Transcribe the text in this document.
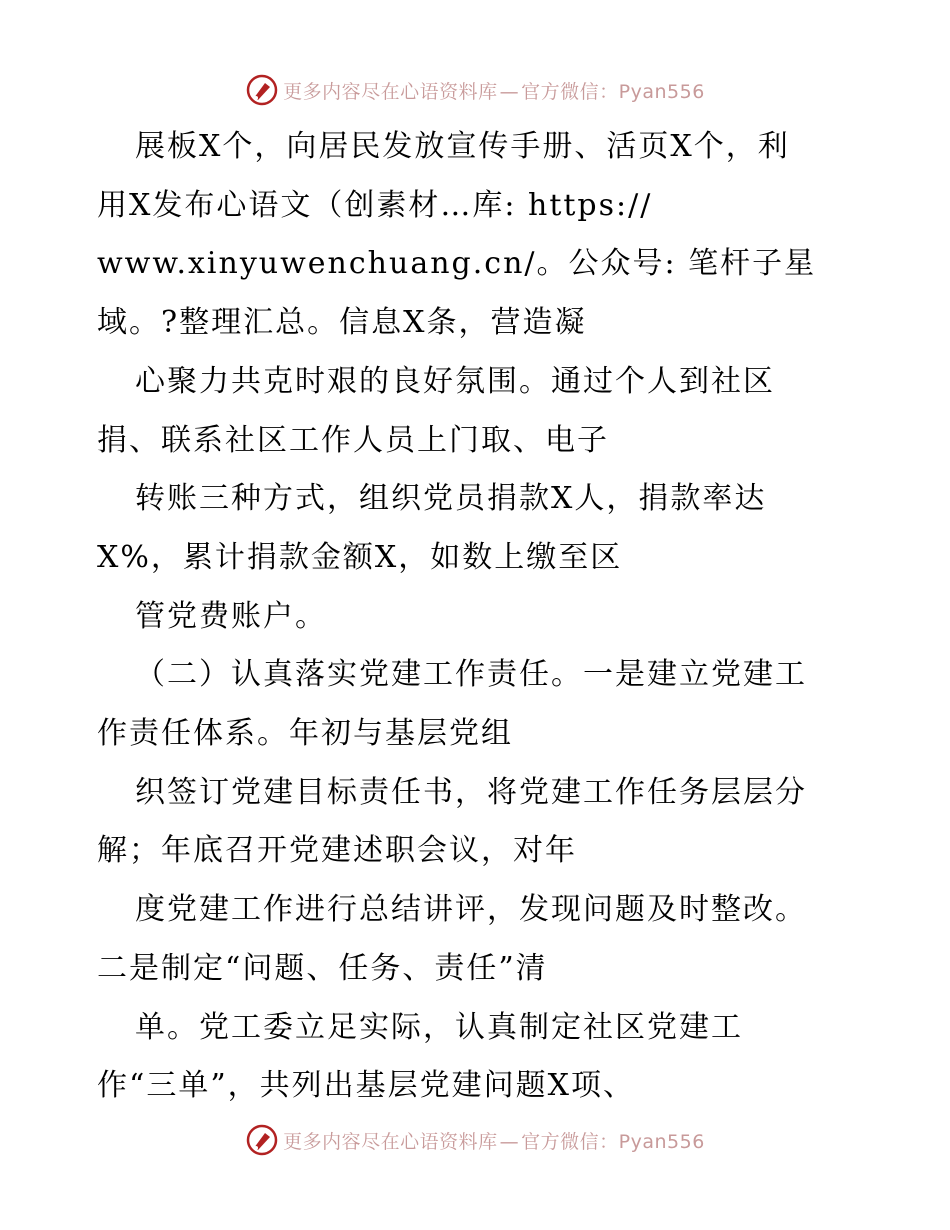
更多内容尽在心语资料库 — 官方微信：Pyan556
展板X个，向居民发放宣传手册、活页X个，利
用X发布心语文（创素材…库: https://
www.xinyuwenchuang.cn/。公众号: 笔杆子星
域。?整理汇总。信息X条，营造凝
心聚力共克时艰的良好氛围。通过个人到社区
捐、联系社区工作人员上门取、电子
转账三种方式，组织党员捐款X人，捐款率达
X%，累计捐款金额X，如数上缴至区
管党费账户。
（二）认真落实党建工作责任。一是建立党建工
作责任体系。年初与基层党组
织签订党建目标责任书，将党建工作任务层层分
解；年底召开党建述职会议，对年
度党建工作进行总结讲评，发现问题及时整改。
二是制定“问题、任务、责任”清
单。党工委立足实际，认真制定社区党建工
作“三单”，共列出基层党建问题X项、
更多内容尽在心语资料库 — 官方微信：Pyan556
